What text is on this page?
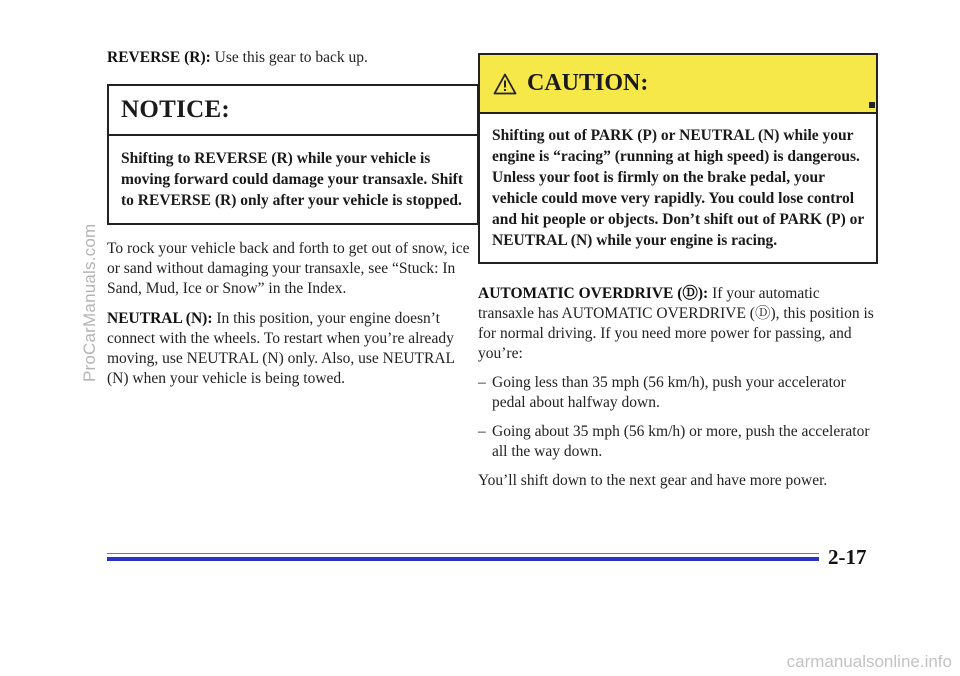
REVERSE (R): Use this gear to back up.

NOTICE:
Shifting to REVERSE (R) while your vehicle is moving forward could damage your transaxle. Shift to REVERSE (R) only after your vehicle is stopped.

To rock your vehicle back and forth to get out of snow, ice or sand without damaging your transaxle, see “Stuck: In Sand, Mud, Ice or Snow” in the Index.

NEUTRAL (N): In this position, your engine doesn’t connect with the wheels. To restart when you’re already moving, use NEUTRAL (N) only. Also, use NEUTRAL (N) when your vehicle is being towed.

CAUTION:
Shifting out of PARK (P) or NEUTRAL (N) while your engine is “racing” (running at high speed) is dangerous. Unless your foot is firmly on the brake pedal, your vehicle could move very rapidly. You could lose control and hit people or objects. Don’t shift out of PARK (P) or NEUTRAL (N) while your engine is racing.

AUTOMATIC OVERDRIVE (Ⓓ): If your automatic transaxle has AUTOMATIC OVERDRIVE (Ⓓ), this position is for normal driving. If you need more power for passing, and you’re:

– Going less than 35 mph (56 km/h), push your accelerator pedal about halfway down.

– Going about 35 mph (56 km/h) or more, push the accelerator all the way down.

You’ll shift down to the next gear and have more power.

2-17
ProCarManuals.com
carmanualsonline.info
